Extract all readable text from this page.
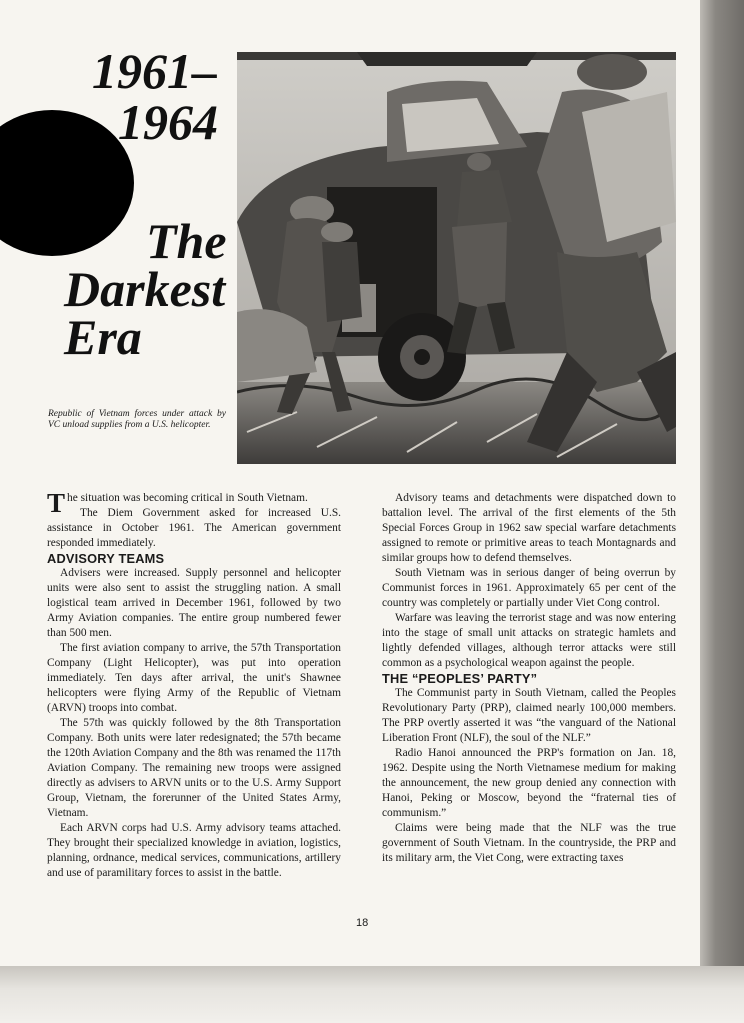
1961–
1964
The
Darkest
Era
Republic of Vietnam forces under attack by VC unload supplies from a U.S. helicopter.

The situation was becoming critical in South Vietnam.

The Diem Government asked for increased U.S. assistance in October 1961. The American government responded immediately.

ADVISORY TEAMS

Advisers were increased. Supply personnel and helicopter units were also sent to assist the struggling nation. A small logistical team arrived in December 1961, followed by two Army Aviation companies. The entire group numbered fewer than 500 men.

The first aviation company to arrive, the 57th Transportation Company (Light Helicopter), was put into operation immediately. Ten days after arrival, the unit's Shawnee helicopters were flying Army of the Republic of Vietnam (ARVN) troops into combat.

The 57th was quickly followed by the 8th Transportation Company. Both units were later redesignated; the 57th became the 120th Aviation Company and the 8th was renamed the 117th Aviation Company. The remaining new troops were assigned directly as advisers to ARVN units or to the U.S. Army Support Group, Vietnam, the forerunner of the United States Army, Vietnam.

Each ARVN corps had U.S. Army advisory teams attached. They brought their specialized knowledge in aviation, logistics, planning, ordnance, medical services, communications, artillery and use of paramilitary forces to assist in the battle.

Advisory teams and detachments were dispatched down to battalion level. The arrival of the first elements of the 5th Special Forces Group in 1962 saw special warfare detachments assigned to remote or primitive areas to teach Montagnards and similar groups how to defend themselves.

South Vietnam was in serious danger of being overrun by Communist forces in 1961. Approximately 65 per cent of the country was completely or partially under Viet Cong control.

Warfare was leaving the terrorist stage and was now entering into the stage of small unit attacks on strategic hamlets and lightly defended villages, although terror attacks were still common as a psychological weapon against the people.

THE “PEOPLES’ PARTY”

The Communist party in South Vietnam, called the Peoples Revolutionary Party (PRP), claimed nearly 100,000 members. The PRP overtly asserted it was “the vanguard of the National Liberation Front (NLF), the soul of the NLF.”

Radio Hanoi announced the PRP's formation on Jan. 18, 1962. Despite using the North Vietnamese medium for making the announcement, the new group denied any connection with Hanoi, Peking or Moscow, beyond the “fraternal ties of communism.”

Claims were being made that the NLF was the true government of South Vietnam. In the countryside, the PRP and its military arm, the Viet Cong, were extracting taxes

18
